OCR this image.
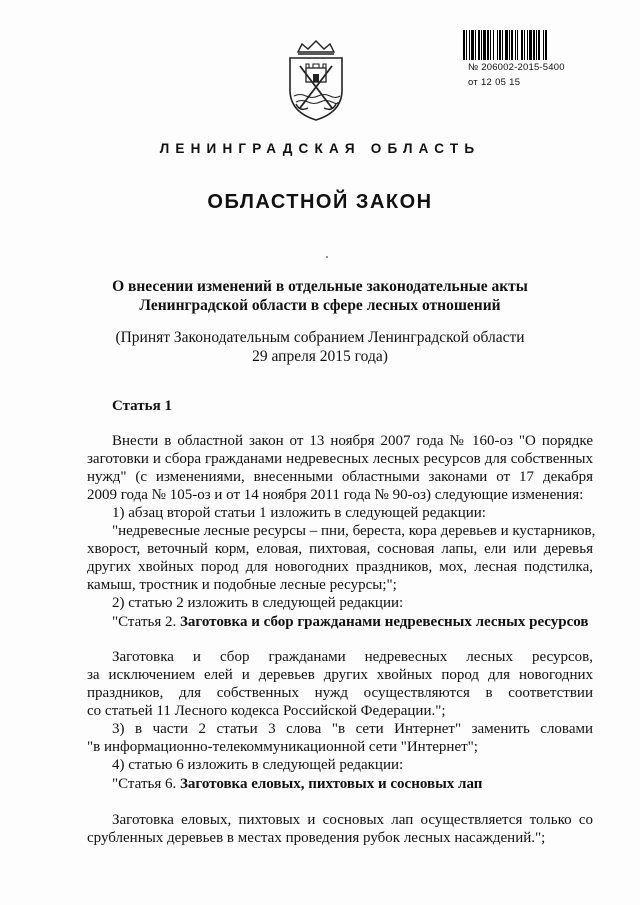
№ 206002-2015-5400
от 12 05 15
ЛЕНИНГРАДСКАЯ ОБЛАСТЬ
ОБЛАСТНОЙ ЗАКОН
О внесении изменений в отдельные законодательные акты
Ленинградской области в сфере лесных отношений
(Принят Законодательным собранием Ленинградской области
29 апреля 2015 года)
Статья 1
Внести в областной закон от 13 ноября 2007 года № 160-оз "О порядке
заготовки и сбора гражданами недревесных лесных ресурсов для собственных
нужд" (с изменениями, внесенными областными законами от 17 декабря
2009 года № 105-оз и от 14 ноября 2011 года № 90-оз) следующие изменения:
1) абзац второй статьи 1 изложить в следующей редакции:
"недревесные лесные ресурсы – пни, береста, кора деревьев и кустарников,
хворост, веточный корм, еловая, пихтовая, сосновая лапы, ели или деревья
других хвойных пород для новогодних праздников, мох, лесная подстилка,
камыш, тростник и подобные лесные ресурсы;";
2) статью 2 изложить в следующей редакции:
"Статья 2. Заготовка и сбор гражданами недревесных лесных ресурсов
Заготовка и сбор гражданами недревесных лесных ресурсов,
за исключением елей и деревьев других хвойных пород для новогодних
праздников, для собственных нужд осуществляются в соответствии
со статьей 11 Лесного кодекса Российской Федерации.";
3) в части 2 статьи 3 слова "в сети Интернет" заменить словами
"в информационно-телекоммуникационной сети "Интернет";
4) статью 6 изложить в следующей редакции:
"Статья 6. Заготовка еловых, пихтовых и сосновых лап
Заготовка еловых, пихтовых и сосновых лап осуществляется только со
срубленных деревьев в местах проведения рубок лесных насаждений.";
